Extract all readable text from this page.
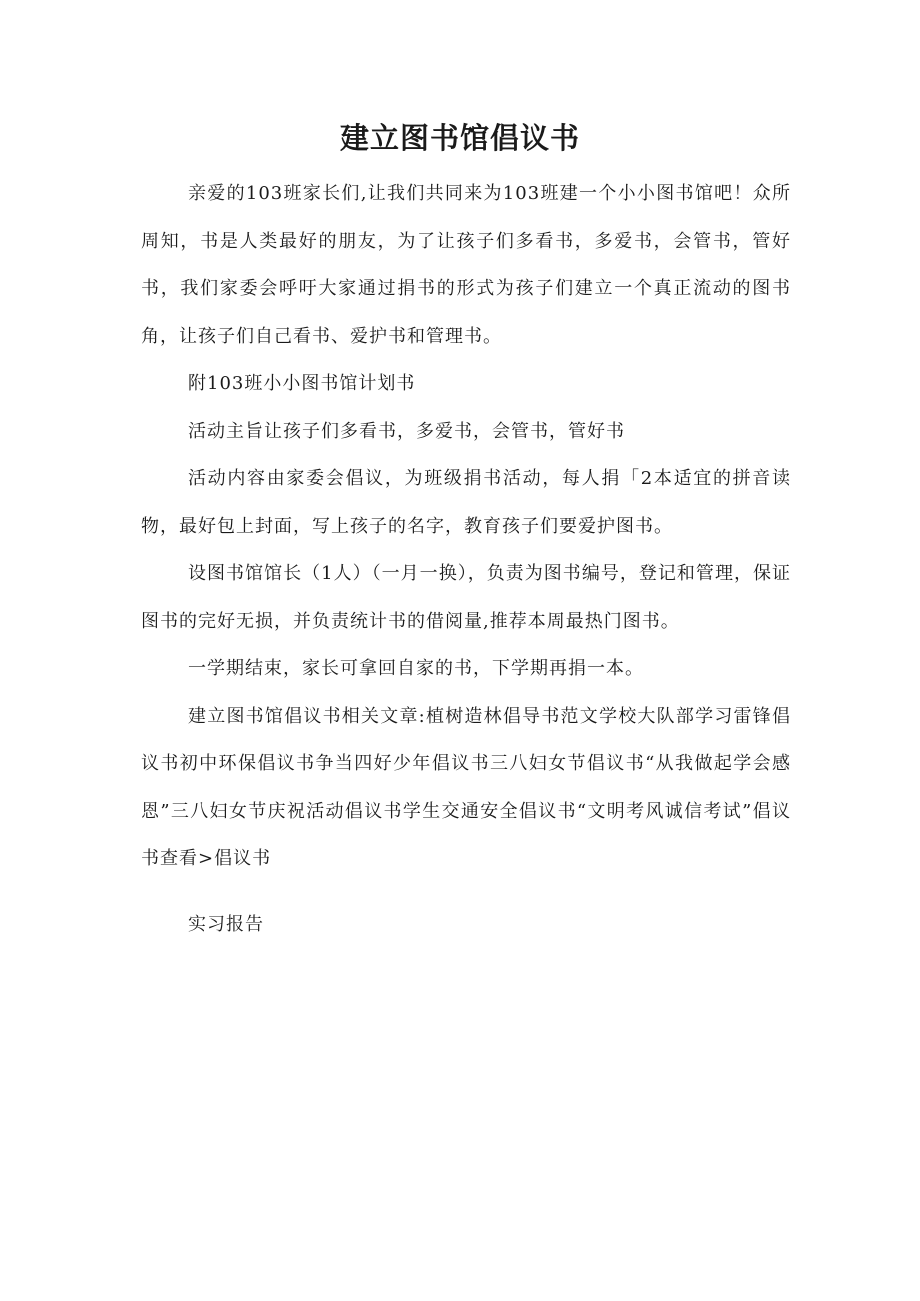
建立图书馆倡议书

亲爱的103班家长们,让我们共同来为103班建一个小小图书馆吧！众所周知，书是人类最好的朋友，为了让孩子们多看书，多爱书，会管书，管好书，我们家委会呼吁大家通过捐书的形式为孩子们建立一个真正流动的图书角，让孩子们自己看书、爱护书和管理书。

附103班小小图书馆计划书

活动主旨让孩子们多看书，多爱书，会管书，管好书

活动内容由家委会倡议，为班级捐书活动，每人捐「2本适宜的拼音读物，最好包上封面，写上孩子的名字，教育孩子们要爱护图书。

设图书馆馆长（1人）（一月一换），负责为图书编号，登记和管理，保证图书的完好无损，并负责统计书的借阅量,推荐本周最热门图书。

一学期结束，家长可拿回自家的书，下学期再捐一本。

建立图书馆倡议书相关文章:植树造林倡导书范文学校大队部学习雷锋倡议书初中环保倡议书争当四好少年倡议书三八妇女节倡议书“从我做起学会感恩”三八妇女节庆祝活动倡议书学生交通安全倡议书“文明考风诚信考试”倡议书查看>倡议书

实习报告
